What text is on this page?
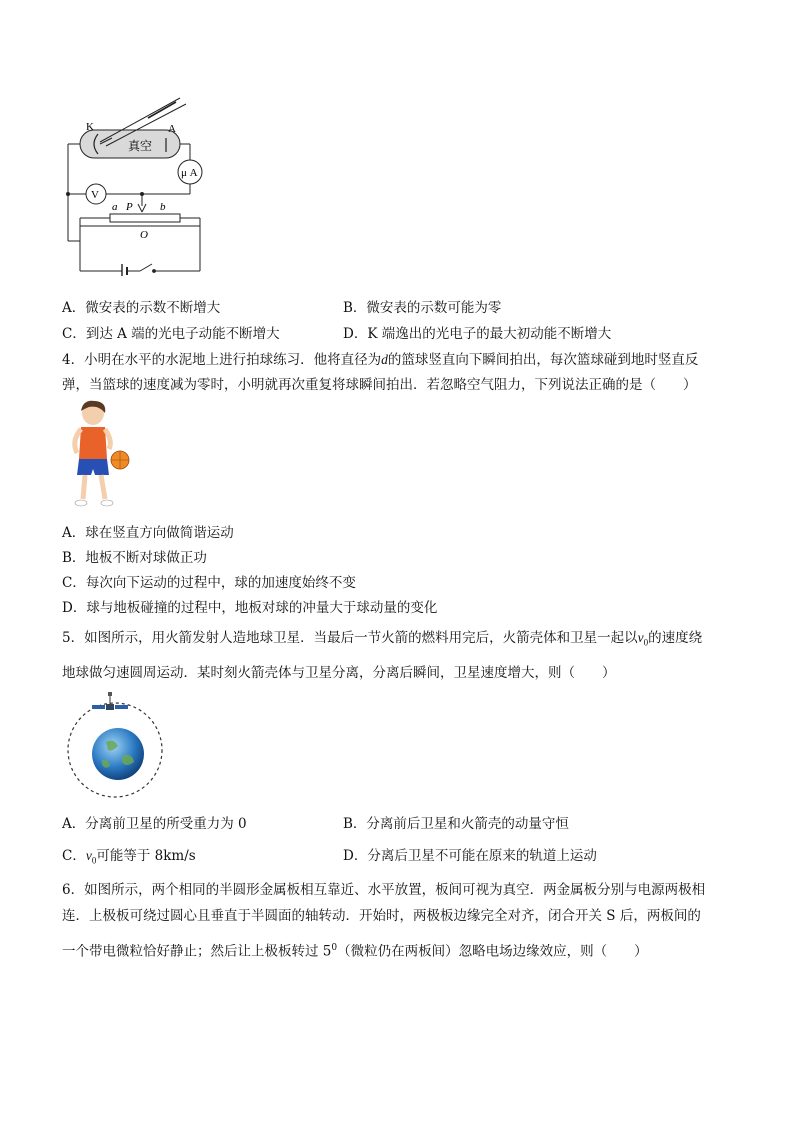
K	A
真空
V
μ A
a P b
O
A．微安表的示数不断增大	B．微安表的示数可能为零
C．到达 A 端的光电子动能不断增大	D．K 端逸出的光电子的最大初动能不断增大
4．小明在水平的水泥地上进行拍球练习．他将直径为d的篮球竖直向下瞬间拍出，每次篮球碰到地时竖直反
弹，当篮球的速度减为零时，小明就再次重复将球瞬间拍出．若忽略空气阻力，下列说法正确的是（　　）
A．球在竖直方向做简谐运动
B．地板不断对球做正功
C．每次向下运动的过程中，球的加速度始终不变
D．球与地板碰撞的过程中，地板对球的冲量大于球动量的变化
5．如图所示，用火箭发射人造地球卫星．当最后一节火箭的燃料用完后，火箭壳体和卫星一起以$v_0$的速度绕
地球做匀速圆周运动．某时刻火箭壳体与卫星分离，分离后瞬间，卫星速度增大，则（　　）
A．分离前卫星的所受重力为 0	B．分离前后卫星和火箭壳的动量守恒
C．$v_0$可能等于 8km/s	D．分离后卫星不可能在原来的轨道上运动
6．如图所示，两个相同的半圆形金属板相互靠近、水平放置，板间可视为真空．两金属板分别与电源两极相
连．上极板可绕过圆心且垂直于半圆面的轴转动．开始时，两极板边缘完全对齐，闭合开关 S 后，两板间的
一个带电微粒恰好静止；然后让上极板转过 $5^0$（微粒仍在两板间）忽略电场边缘效应，则（　　）
